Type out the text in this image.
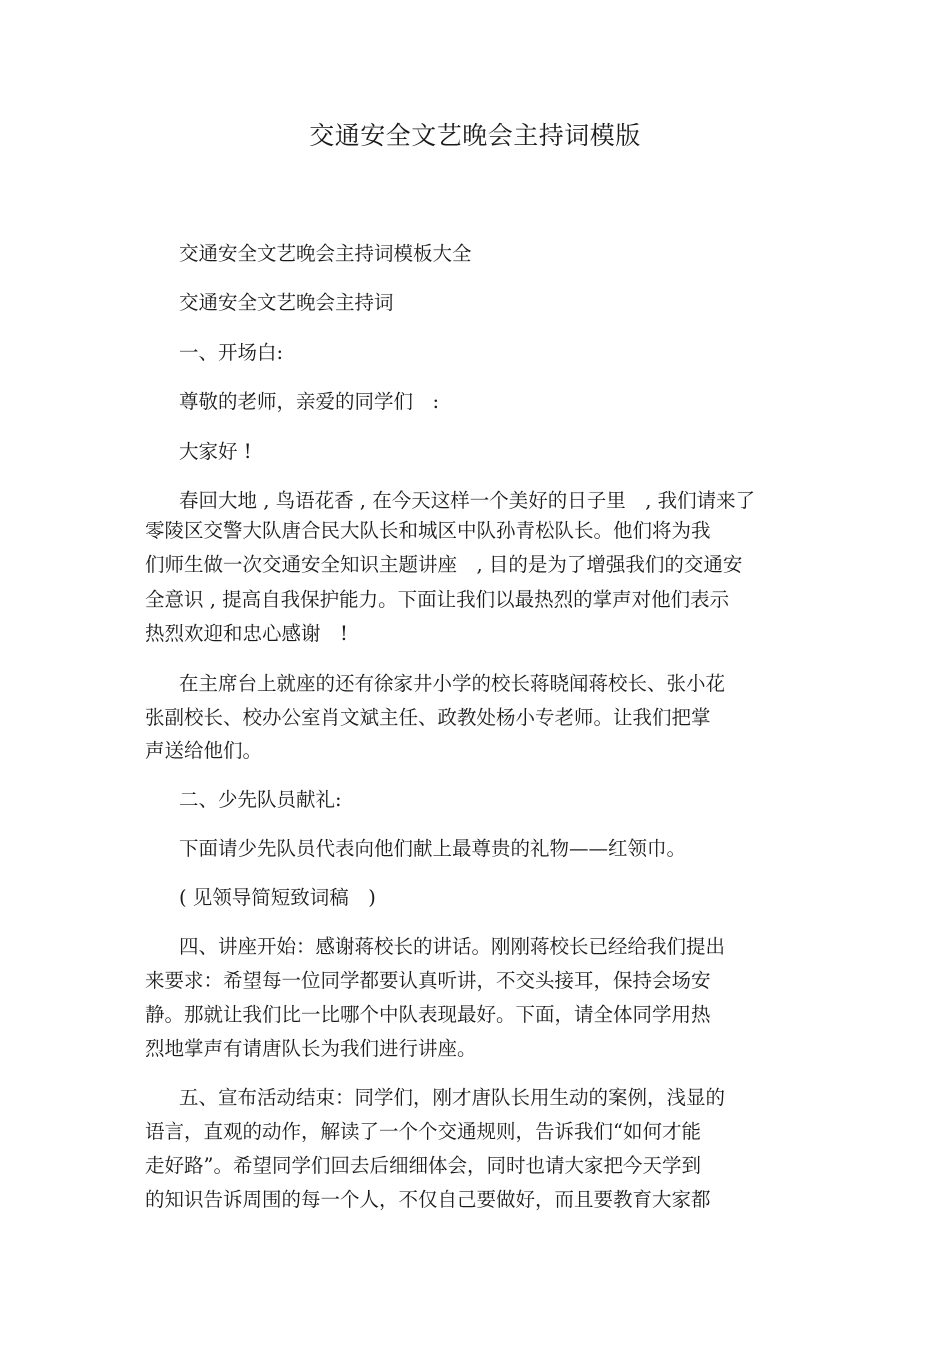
交通安全文艺晚会主持词模版
交通安全文艺晚会主持词模板大全
交通安全文艺晚会主持词
一、开场白:
尊敬的老师，亲爱的同学们　:
大家好 !
春回大地 , 鸟语花香 , 在今天这样一个美好的日子里　, 我们请来了
零陵区交警大队唐合民大队长和城区中队孙青松队长。他们将为我
们师生做一次交通安全知识主题讲座　, 目的是为了增强我们的交通安
全意识 , 提高自我保护能力。下面让我们以最热烈的掌声对他们表示
热烈欢迎和忠心感谢　!
在主席台上就座的还有徐家井小学的校长蒋晓闻蒋校长、张小花
张副校长、校办公室肖文斌主任、政教处杨小专老师。让我们把掌
声送给他们。
二、少先队员献礼:
下面请少先队员代表向他们献上最尊贵的礼物——红领巾。
( 见领导简短致词稿　)
四、讲座开始：感谢蒋校长的讲话。刚刚蒋校长已经给我们提出
来要求：希望每一位同学都要认真听讲，不交头接耳，保持会场安
静。那就让我们比一比哪个中队表现最好。下面，请全体同学用热
烈地掌声有请唐队长为我们进行讲座。
五、宣布活动结束：同学们，刚才唐队长用生动的案例，浅显的
语言，直观的动作，解读了一个个交通规则，告诉我们“如何才能
走好路”。希望同学们回去后细细体会，同时也请大家把今天学到
的知识告诉周围的每一个人，不仅自己要做好，而且要教育大家都
